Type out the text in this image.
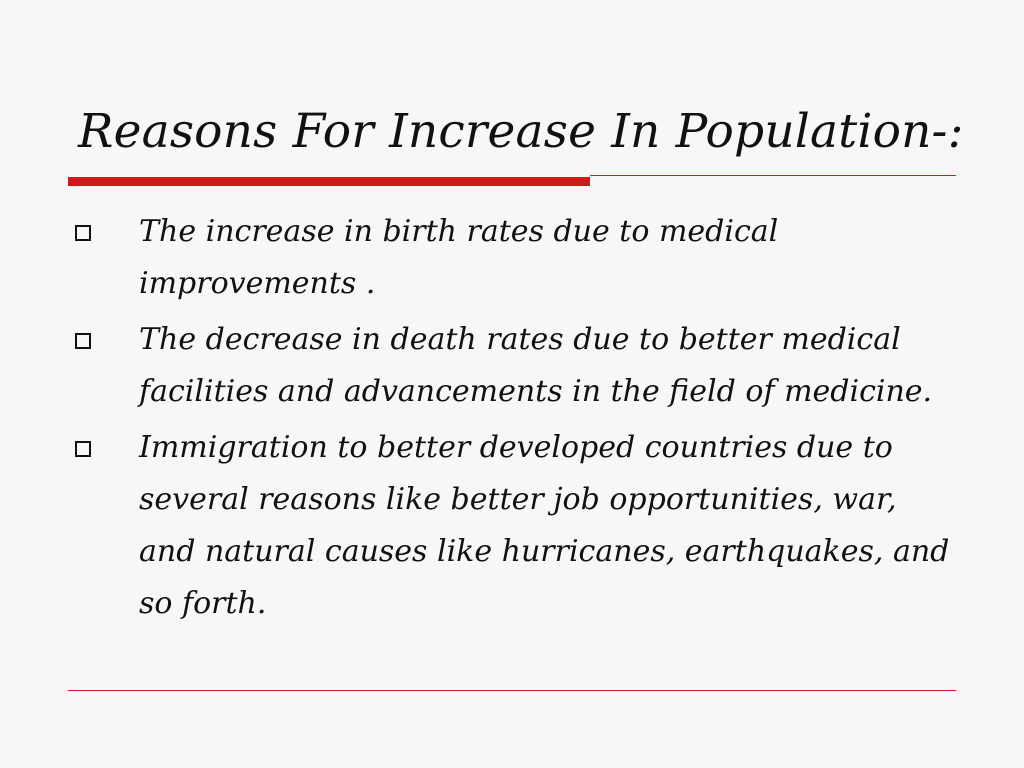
Reasons For Increase In Population-:
The increase in birth rates due to medical improvements .
The decrease in death rates due to better medical facilities and advancements in the field of medicine.
Immigration to better developed countries due to several reasons like better job opportunities, war, and natural causes like hurricanes, earthquakes, and so forth.
